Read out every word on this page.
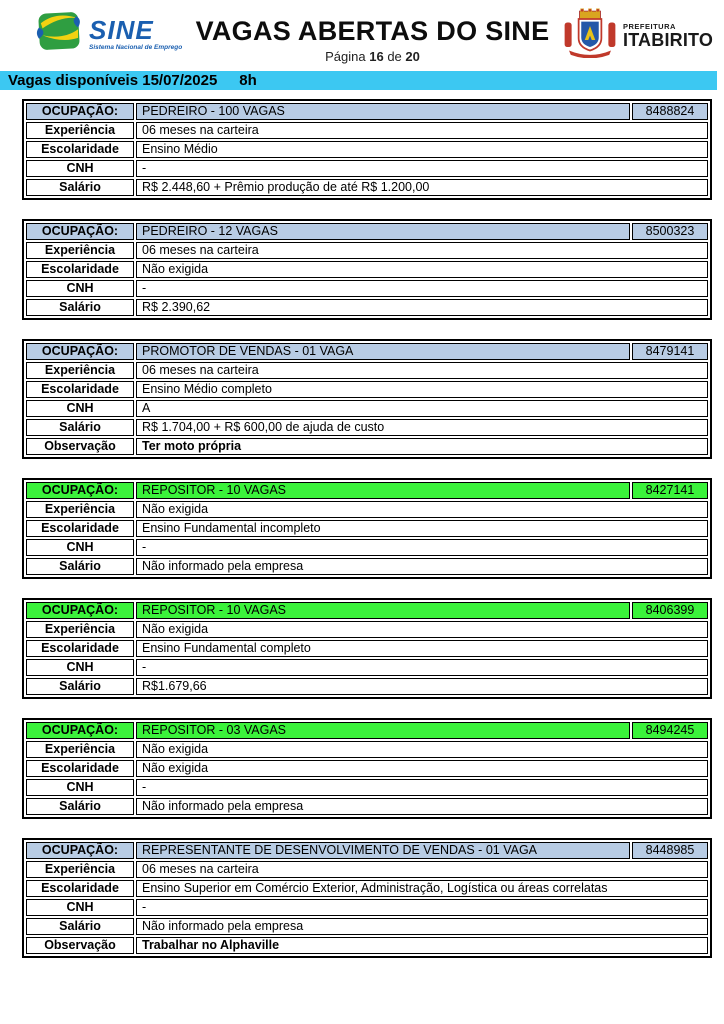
SINE
Sistema Nacional de Emprego
VAGAS ABERTAS DO SINE
Página 16 de 20
PREFEITURA
ITABIRITO
Vagas disponíveis 15/07/2025 8h
OCUPAÇÃO:	PEDREIRO - 100 VAGAS	8488824
Experiência	06 meses na carteira	
Escolaridade	Ensino Médio	
CNH	-	
Salário	R$ 2.448,60 + Prêmio produção de até R$ 1.200,00	
OCUPAÇÃO:	PEDREIRO - 12 VAGAS	8500323
Experiência	06 meses na carteira	
Escolaridade	Não exigida	
CNH	-	
Salário	R$ 2.390,62	
OCUPAÇÃO:	PROMOTOR DE VENDAS - 01 VAGA	8479141
Experiência	06 meses na carteira	
Escolaridade	Ensino Médio completo	
CNH	A	
Salário	R$ 1.704,00 + R$ 600,00 de ajuda de custo	
Observação	Ter moto própria	
OCUPAÇÃO:	REPOSITOR - 10 VAGAS	8427141
Experiência	Não exigida	
Escolaridade	Ensino Fundamental incompleto	
CNH	-	
Salário	Não informado pela empresa	
OCUPAÇÃO:	REPOSITOR - 10 VAGAS	8406399
Experiência	Não exigida	
Escolaridade	Ensino Fundamental completo	
CNH	-	
Salário	R$1.679,66	
OCUPAÇÃO:	REPOSITOR - 03 VAGAS	8494245
Experiência	Não exigida	
Escolaridade	Não exigida	
CNH	-	
Salário	Não informado pela empresa	
OCUPAÇÃO:	REPRESENTANTE DE DESENVOLVIMENTO DE VENDAS - 01 VAGA	8448985
Experiência	06 meses na carteira	
Escolaridade	Ensino Superior em Comércio Exterior, Administração, Logística ou áreas correlatas	
CNH	-	
Salário	Não informado pela empresa	
Observação	Trabalhar no Alphaville	
